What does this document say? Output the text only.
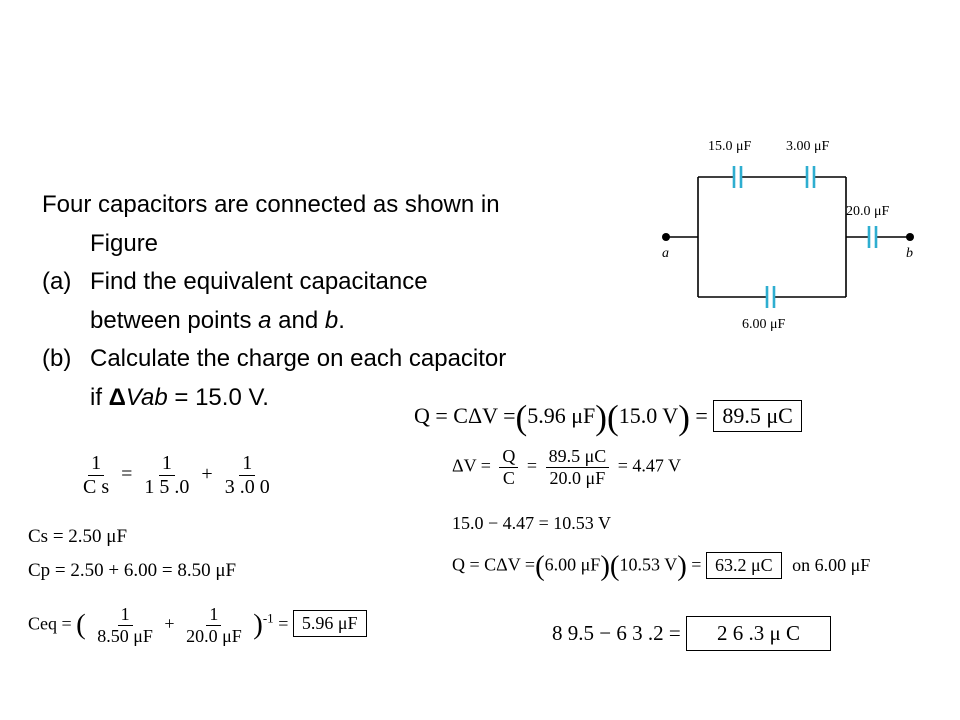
Four capacitors are connected as shown in
Figure
(a) Find the equivalent capacitance
between points a and b.
(b) Calculate the charge on each capacitor
if ΔVab = 15.0 V.
15.0 μF 3.00 μF
20.0 μF
6.00 μF
a	b
$\frac{1}{\text{C s}} = \frac{1}{1 5 .0} + \frac{1}{3 .0 0}$
Cs = 2.50 μF
Cp = 2.50 + 6.00 = 8.50 μF
Ceq = ( $\frac{1}{8.50 \mu F} + \frac{1}{20.0 \mu F} )^{-1} = 5.96$ μF
Q = CΔV =(5.96 μF)(15.0 V) = 89.5 μC
$\Delta V = \frac{Q}{C} = \frac{89.5 \mu C}{20.0 \mu F} = 4.47$ V
15.0 − 4.47 = 10.53 V
Q = CΔV =(6.00 μF)(10.53 V) = 63.2 μC on 6.00 μF
8 9.5 − 6 3 .2 = 2 6 .3 μ C
